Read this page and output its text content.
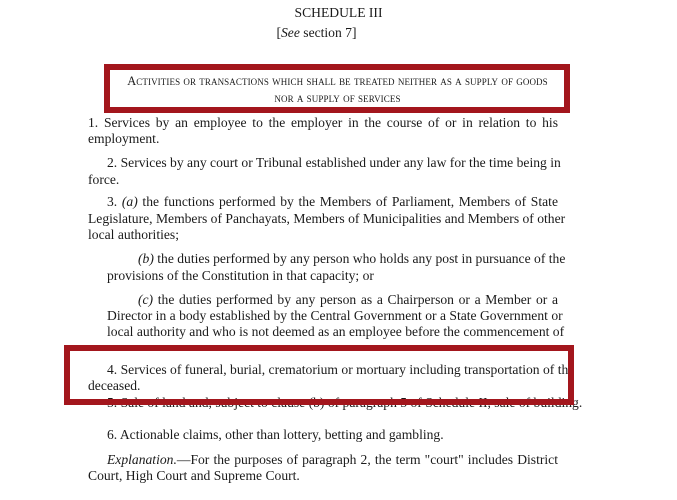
SCHEDULE III
[See section 7]
Activities or transactions which shall be treated neither as a supply of goods
nor a supply of services
1. Services by an employee to the employer in the course of or in relation to his
employment.
2. Services by any court or Tribunal established under any law for the time being in
force.
3. (a) the functions performed by the Members of Parliament, Members of State
Legislature, Members of Panchayats, Members of Municipalities and Members of other
local authorities;
(b) the duties performed by any person who holds any post in pursuance of the
provisions of the Constitution in that capacity; or
(c) the duties performed by any person as a Chairperson or a Member or a
Director in a body established by the Central Government or a State Government or
local authority and who is not deemed as an employee before the commencement of
4. Services of funeral, burial, crematorium or mortuary including transportation of the
deceased.
5. Sale of land and, subject to clause (b) of paragraph 5 of Schedule II, sale of building.
6. Actionable claims, other than lottery, betting and gambling.
Explanation.—For the purposes of paragraph 2, the term "court" includes District
Court, High Court and Supreme Court.
